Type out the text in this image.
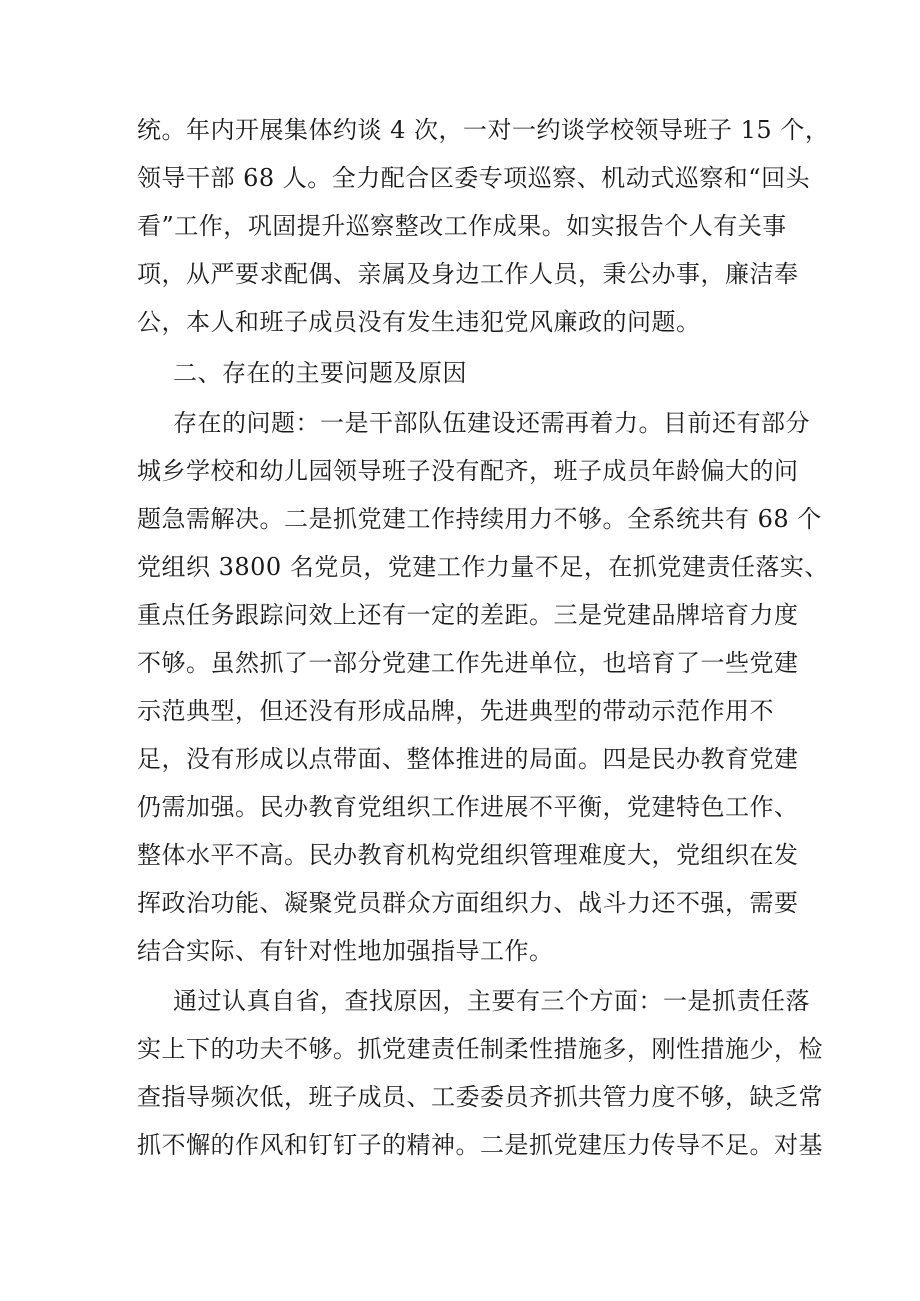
统。年内开展集体约谈 4 次，一对一约谈学校领导班子 15 个，
领导干部 68 人。全力配合区委专项巡察、机动式巡察和“回头
看”工作，巩固提升巡察整改工作成果。如实报告个人有关事
项，从严要求配偶、亲属及身边工作人员，秉公办事，廉洁奉
公，本人和班子成员没有发生违犯党风廉政的问题。
二、存在的主要问题及原因
存在的问题：一是干部队伍建设还需再着力。目前还有部分
城乡学校和幼儿园领导班子没有配齐，班子成员年龄偏大的问
题急需解决。二是抓党建工作持续用力不够。全系统共有 68 个
党组织 3800 名党员，党建工作力量不足，在抓党建责任落实、
重点任务跟踪问效上还有一定的差距。三是党建品牌培育力度
不够。虽然抓了一部分党建工作先进单位，也培育了一些党建
示范典型，但还没有形成品牌，先进典型的带动示范作用不
足，没有形成以点带面、整体推进的局面。四是民办教育党建
仍需加强。民办教育党组织工作进展不平衡，党建特色工作、
整体水平不高。民办教育机构党组织管理难度大，党组织在发
挥政治功能、凝聚党员群众方面组织力、战斗力还不强，需要
结合实际、有针对性地加强指导工作。
通过认真自省，查找原因，主要有三个方面：一是抓责任落
实上下的功夫不够。抓党建责任制柔性措施多，刚性措施少，检
查指导频次低，班子成员、工委委员齐抓共管力度不够，缺乏常
抓不懈的作风和钉钉子的精神。二是抓党建压力传导不足。对基
